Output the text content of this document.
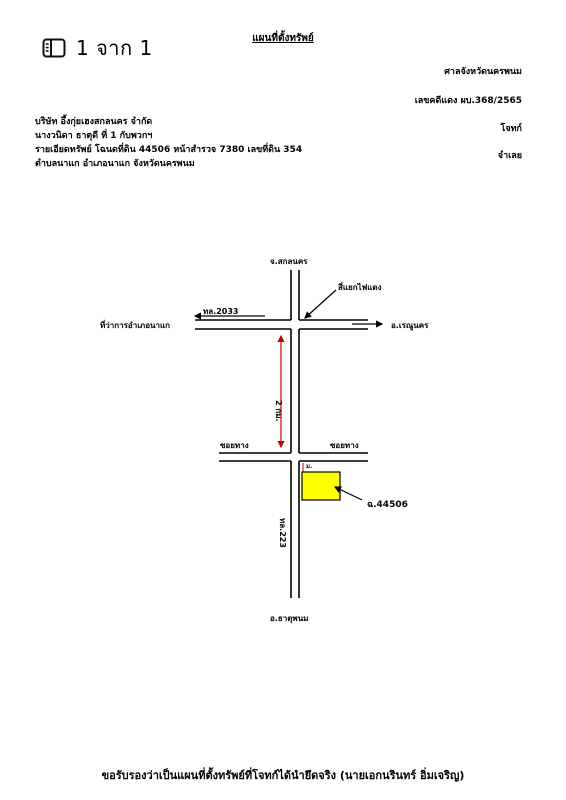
1 จาก 1	แผนที่ตั้งทรัพย์
ศาลจังหวัดนครพนม
เลขคดีแดง ผบ.368/2565
บริษัท อึ้งกุ่ยเฮงสกลนคร จำกัด
โจทก์
นางวนิดา ธาตุดี ที่ 1 กับพวกฯ
รายเอียดทรัพย์ โฉนดที่ดิน 44506 หน้าสำรวจ 7380 เลขที่ดิน 354
จำเลย
ตำบลนาแก อำเภอนาแก จังหวัดนครพนม
จ.สกลนคร
สี่แยกไฟแดง
ทล.2033
ที่ว่าการอำเภอนาแก	อ.เรณูนคร
2 กม.
ซอยทาง	ซอยทาง
ม.
ฉ.44506
ทล.223
อ.ธาตุพนม
ขอรับรองว่าเป็นแผนที่ตั้งทรัพย์ที่โจทก์ได้นำยึดจริง (นายเอกนรินทร์ อิ่มเจริญ)
